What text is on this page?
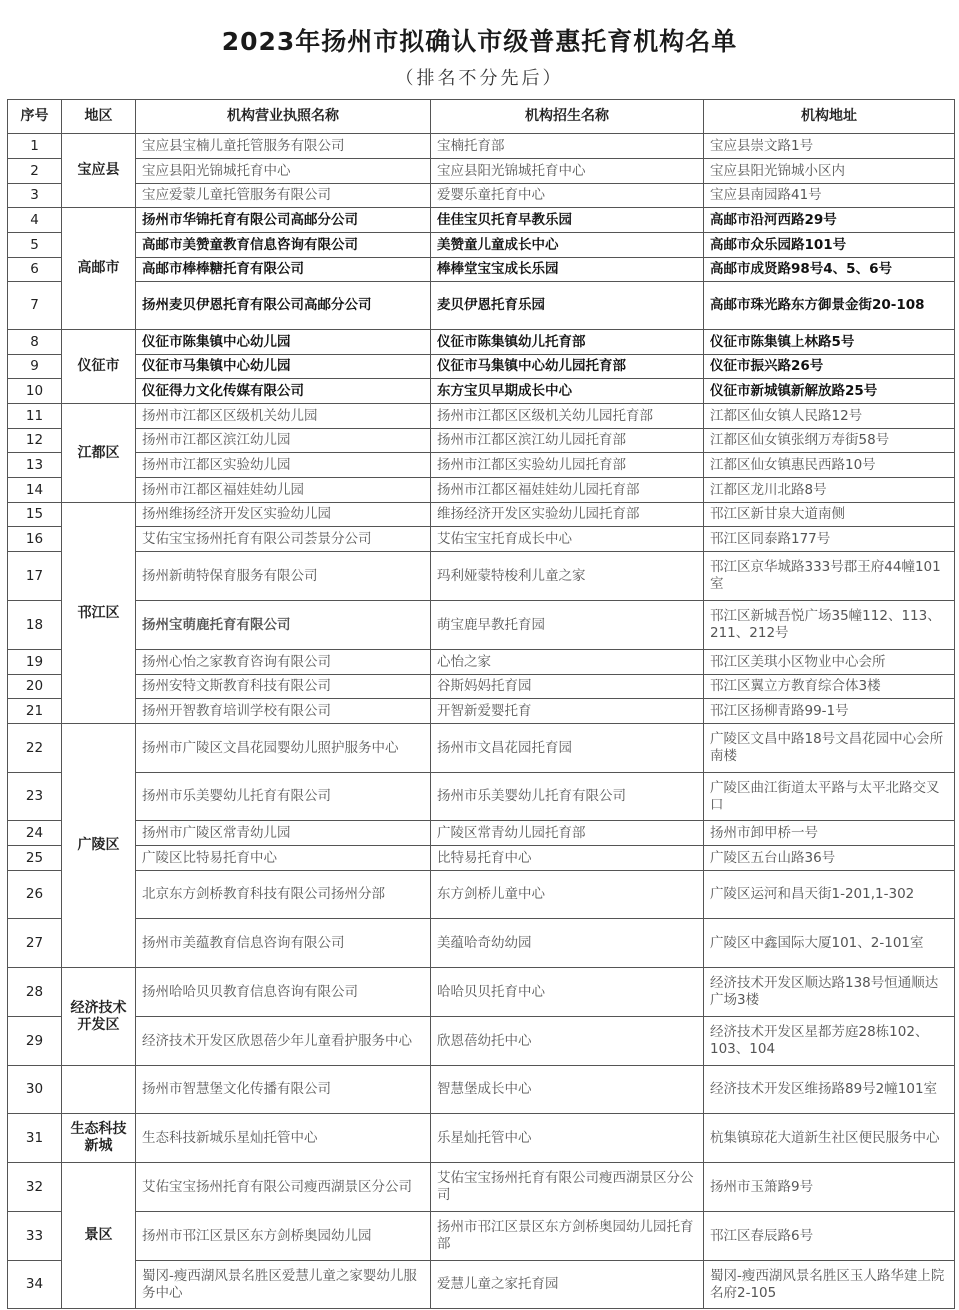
2023年扬州市拟确认市级普惠托育机构名单
（排名不分先后）
序号	地区	机构营业执照名称	机构招生名称	机构地址
1	宝应县	宝应县宝楠儿童托管服务有限公司	宝楠托育部	宝应县崇文路1号
2		宝应县阳光锦城托育中心	宝应县阳光锦城托育中心	宝应县阳光锦城小区内
3		宝应爱蒙儿童托管服务有限公司	爱婴乐童托育中心	宝应县南园路41号
4	高邮市	扬州市华锦托育有限公司高邮分公司	佳佳宝贝托育早教乐园	高邮市沿河西路29号
5		高邮市美赞童教育信息咨询有限公司	美赞童儿童成长中心	高邮市众乐园路101号
6		高邮市棒棒糖托育有限公司	棒棒堂宝宝成长乐园	高邮市成贤路98号4、5、6号
7		扬州麦贝伊恩托育有限公司高邮分公司	麦贝伊恩托育乐园	高邮市珠光路东方御景金街20-108
8	仪征市	仪征市陈集镇中心幼儿园	仪征市陈集镇幼儿托育部	仪征市陈集镇上林路5号
9		仪征市马集镇中心幼儿园	仪征市马集镇中心幼儿园托育部	仪征市振兴路26号
10		仪征得力文化传媒有限公司	东方宝贝早期成长中心	仪征市新城镇新解放路25号
11	江都区	扬州市江都区区级机关幼儿园	扬州市江都区区级机关幼儿园托育部	江都区仙女镇人民路12号
12		扬州市江都区滨江幼儿园	扬州市江都区滨江幼儿园托育部	江都区仙女镇张纲万寿街58号
13		扬州市江都区实验幼儿园	扬州市江都区实验幼儿园托育部	江都区仙女镇惠民西路10号
14		扬州市江都区福娃娃幼儿园	扬州市江都区福娃娃幼儿园托育部	江都区龙川北路8号
15	邗江区	扬州维扬经济开发区实验幼儿园	维扬经济开发区实验幼儿园托育部	邗江区新甘泉大道南侧
16		艾佑宝宝扬州托育有限公司荟景分公司	艾佑宝宝托育成长中心	邗江区同泰路177号
17		扬州新萌特保育服务有限公司	玛利娅蒙特梭利儿童之家	邗江区京华城路333号郡王府44幢101室
18		扬州宝萌鹿托育有限公司	萌宝鹿早教托育园	邗江区新城吾悦广场35幢112、113、211、212号
19		扬州心怡之家教育咨询有限公司	心怡之家	邗江区美琪小区物业中心会所
20		扬州安特文斯教育科技有限公司	谷斯妈妈托育园	邗江区翼立方教育综合体3楼
21		扬州开智教育培训学校有限公司	开智新爱婴托育	邗江区扬柳青路99-1号
22	广陵区	扬州市广陵区文昌花园婴幼儿照护服务中心	扬州市文昌花园托育园	广陵区文昌中路18号文昌花园中心会所南楼
23		扬州市乐美婴幼儿托育有限公司	扬州市乐美婴幼儿托育有限公司	广陵区曲江街道太平路与太平北路交叉口
24		扬州市广陵区常青幼儿园	广陵区常青幼儿园托育部	扬州市卸甲桥一号
25		广陵区比特易托育中心	比特易托育中心	广陵区五台山路36号
26		北京东方剑桥教育科技有限公司扬州分部	东方剑桥儿童中心	广陵区运河和昌天街1-201,1-302
27		扬州市美蕴教育信息咨询有限公司	美蕴哈奇幼幼园	广陵区中鑫国际大厦101、2-101室
28	经济技术开发区	扬州哈哈贝贝教育信息咨询有限公司	哈哈贝贝托育中心	经济技术开发区顺达路138号恒通顺达广场3楼
29		经济技术开发区欣恩蓓少年儿童看护服务中心	欣恩蓓幼托中心	经济技术开发区星都芳庭28栋102、103、104
30		扬州市智慧堡文化传播有限公司	智慧堡成长中心	经济技术开发区维扬路89号2幢101室
31	生态科技新城	生态科技新城乐星灿托管中心	乐星灿托管中心	杭集镇琼花大道新生社区便民服务中心
32	景区	艾佑宝宝扬州托育有限公司瘦西湖景区分公司	艾佑宝宝扬州托育有限公司瘦西湖景区分公司	扬州市玉箫路9号
33		扬州市邗江区景区东方剑桥奥园幼儿园	扬州市邗江区景区东方剑桥奥园幼儿园托育部	邗江区春辰路6号
34		蜀冈-瘦西湖风景名胜区爱慧儿童之家婴幼儿服务中心	爱慧儿童之家托育园	蜀冈-瘦西湖风景名胜区玉人路华建上院名府2-105
